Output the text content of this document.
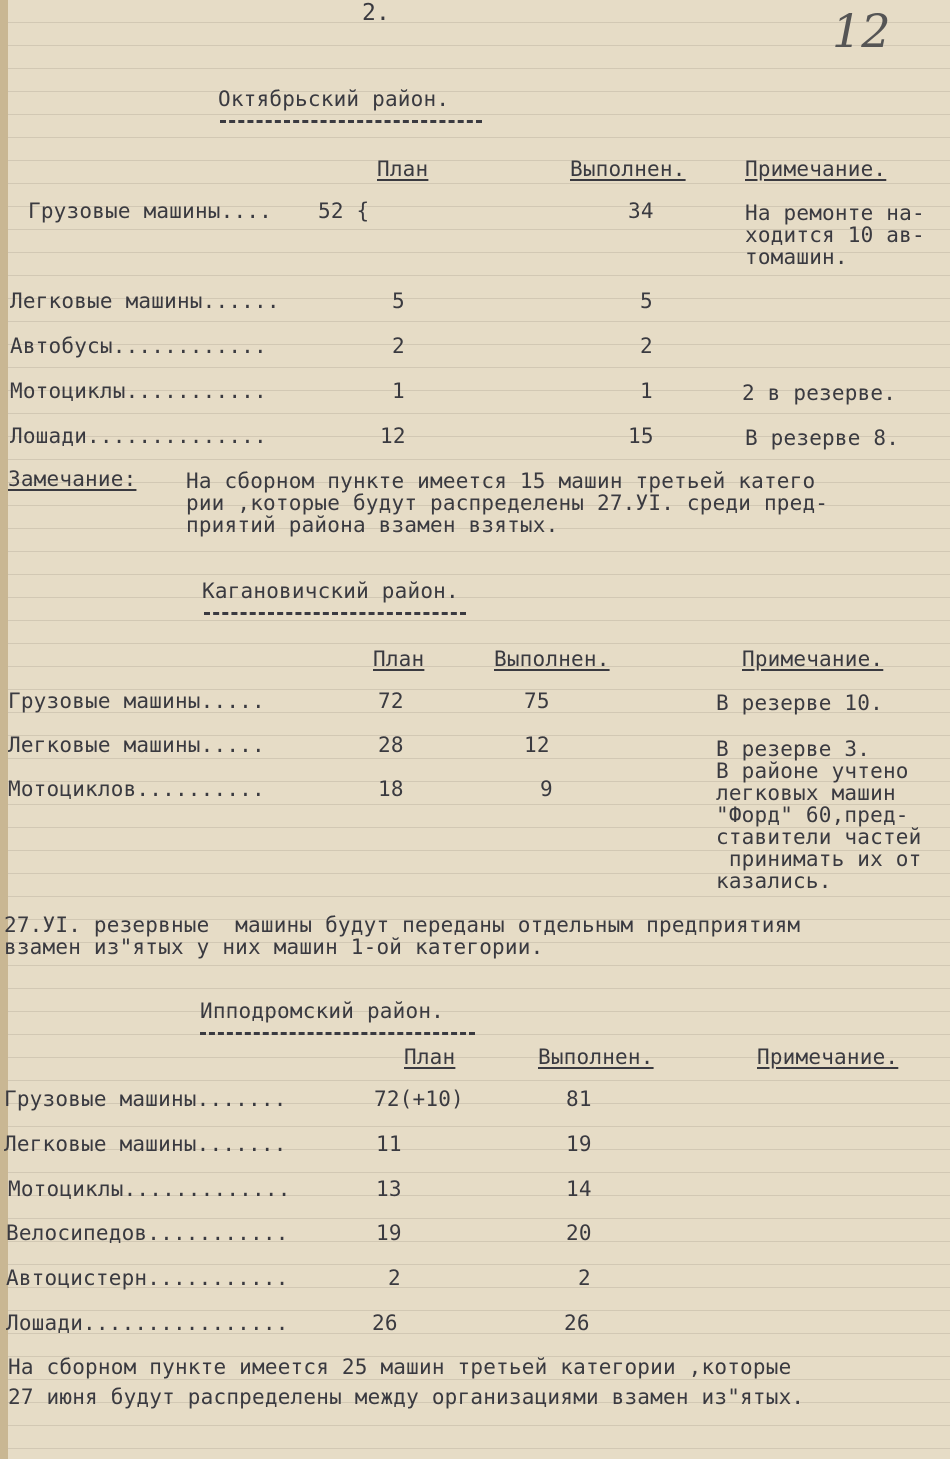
2.	12
Октябрьский район.
План	Выполнен.	Примечание.
Грузовые машины.... 52 {	34	На ремонте на-
ходится 10 ав-
томашин.
Легковые машины......	5	5
Автобусы............	2	2
Мотоциклы...........	1	1	2 в резерве.
Лошади..............	12	15	В резерве 8.
Замечание: На сборном пункте имеется 15 машин третьей катего
рии ,которые будут распределены 27.УI. среди пред-
приятий района взамен взятых.
Кагановичский район.
План	Выполнен.	Примечание.
Грузовые машины.....	72	75	В резерве 10.
Легковые машины.....	28	12	В резерве 3.
Мотоциклов..........	18	9
В районе учтено
легковых машин
"Форд" 60,пред-
ставители частей
принимать их от
казались.
27.УI. резервные  машины будут переданы отдельным предприятиям
взамен из"ятых у них машин 1-ой категории.
Ипподромский район.
План	Выполнен.	Примечание.
Грузовые машины.......	72(+10)	81
Легковые машины.......	11	19
Мотоциклы.............	13	14
Велосипедов...........	19	20
Автоцистерн...........	2	2
Лошади................	26	26
На сборном пункте имеется 25 машин третьей категории ,которые
27 июня будут распределены между организациями взамен из"ятых.
